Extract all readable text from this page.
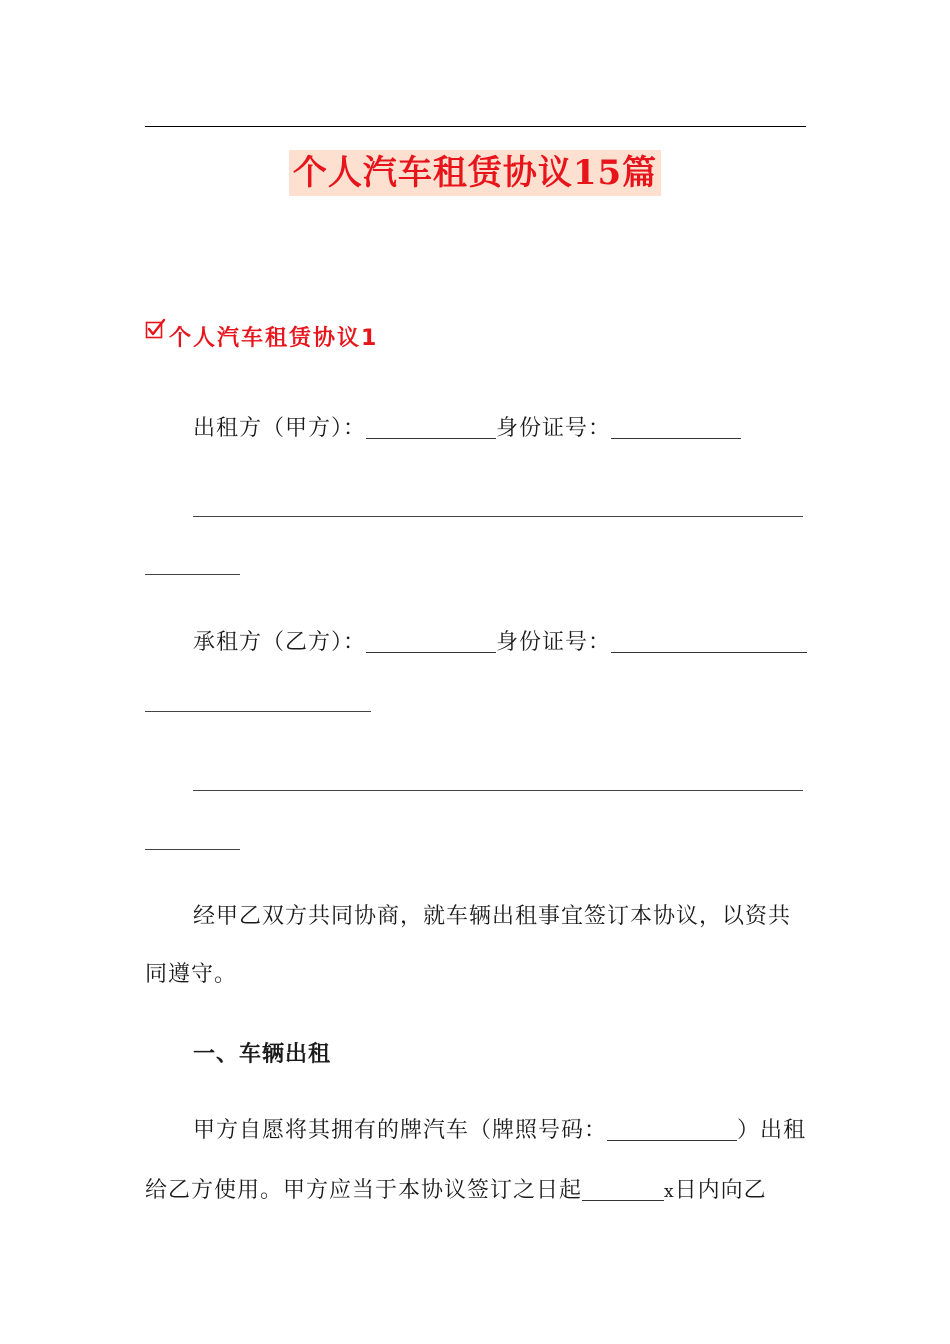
个人汽车租赁协议15篇
个人汽车租赁协议1
出租方（甲方）：	身份证号：
承租方（乙方）：	身份证号：
经甲乙双方共同协商，就车辆出租事宜签订本协议，以资共
同遵守。
一、车辆出租
甲方自愿将其拥有的牌汽车（牌照号码：	）出租
给乙方使用。甲方应当于本协议签订之日起	x日内向乙
